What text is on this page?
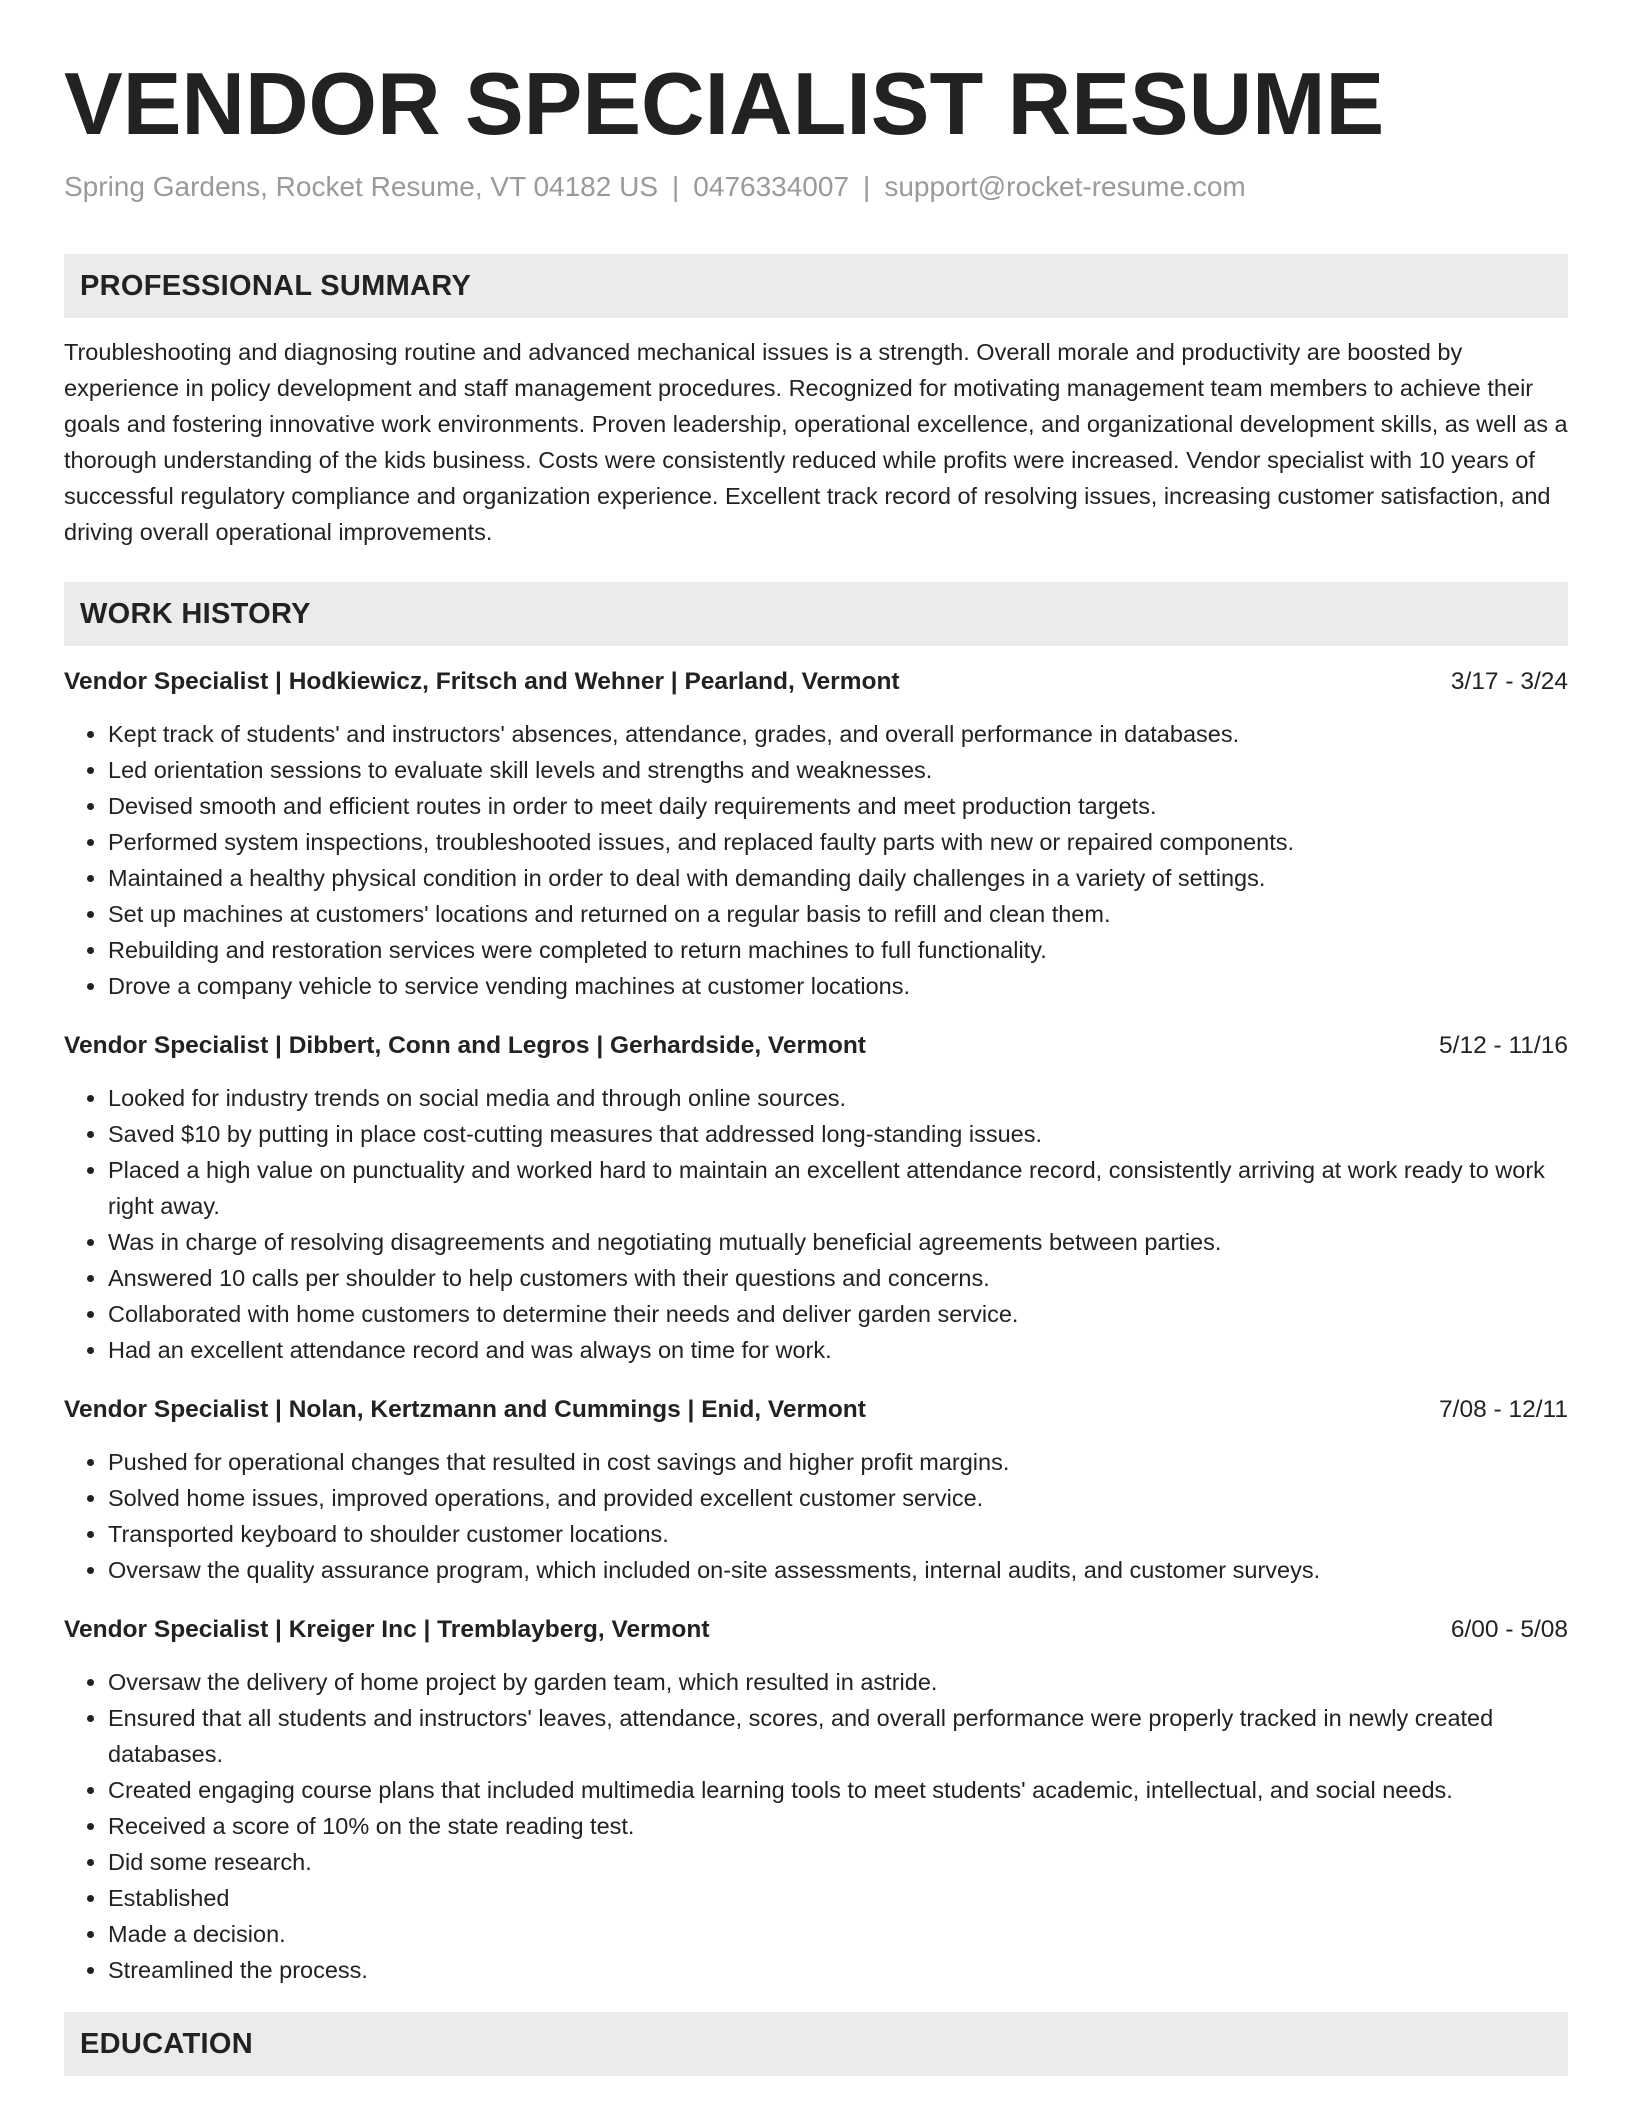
VENDOR SPECIALIST RESUME
Spring Gardens, Rocket Resume, VT 04182 US | 0476334007 | support@rocket-resume.com
PROFESSIONAL SUMMARY

Troubleshooting and diagnosing routine and advanced mechanical issues is a strength. Overall morale and productivity are boosted by experience in policy development and staff management procedures. Recognized for motivating management team members to achieve their goals and fostering innovative work environments. Proven leadership, operational excellence, and organizational development skills, as well as a thorough understanding of the kids business. Costs were consistently reduced while profits were increased. Vendor specialist with 10 years of successful regulatory compliance and organization experience. Excellent track record of resolving issues, increasing customer satisfaction, and driving overall operational improvements.

WORK HISTORY
Vendor Specialist | Hodkiewicz, Fritsch and Wehner | Pearland, Vermont	3/17 - 3/24
• Kept track of students' and instructors' absences, attendance, grades, and overall performance in databases.
• Led orientation sessions to evaluate skill levels and strengths and weaknesses.
• Devised smooth and efficient routes in order to meet daily requirements and meet production targets.
• Performed system inspections, troubleshooted issues, and replaced faulty parts with new or repaired components.
• Maintained a healthy physical condition in order to deal with demanding daily challenges in a variety of settings.
• Set up machines at customers' locations and returned on a regular basis to refill and clean them.
• Rebuilding and restoration services were completed to return machines to full functionality.
• Drove a company vehicle to service vending machines at customer locations.
Vendor Specialist | Dibbert, Conn and Legros | Gerhardside, Vermont	5/12 - 11/16
• Looked for industry trends on social media and through online sources.
• Saved $10 by putting in place cost-cutting measures that addressed long-standing issues.
• Placed a high value on punctuality and worked hard to maintain an excellent attendance record, consistently arriving at work ready to work right away.
• Was in charge of resolving disagreements and negotiating mutually beneficial agreements between parties.
• Answered 10 calls per shoulder to help customers with their questions and concerns.
• Collaborated with home customers to determine their needs and deliver garden service.
• Had an excellent attendance record and was always on time for work.
Vendor Specialist | Nolan, Kertzmann and Cummings | Enid, Vermont	7/08 - 12/11
• Pushed for operational changes that resulted in cost savings and higher profit margins.
• Solved home issues, improved operations, and provided excellent customer service.
• Transported keyboard to shoulder customer locations.
• Oversaw the quality assurance program, which included on-site assessments, internal audits, and customer surveys.
Vendor Specialist | Kreiger Inc | Tremblayberg, Vermont	6/00 - 5/08
• Oversaw the delivery of home project by garden team, which resulted in astride.
• Ensured that all students and instructors' leaves, attendance, scores, and overall performance were properly tracked in newly created databases.
• Created engaging course plans that included multimedia learning tools to meet students' academic, intellectual, and social needs.
• Received a score of 10% on the state reading test.
• Did some research.
• Established
• Made a decision.
• Streamlined the process.
EDUCATION
